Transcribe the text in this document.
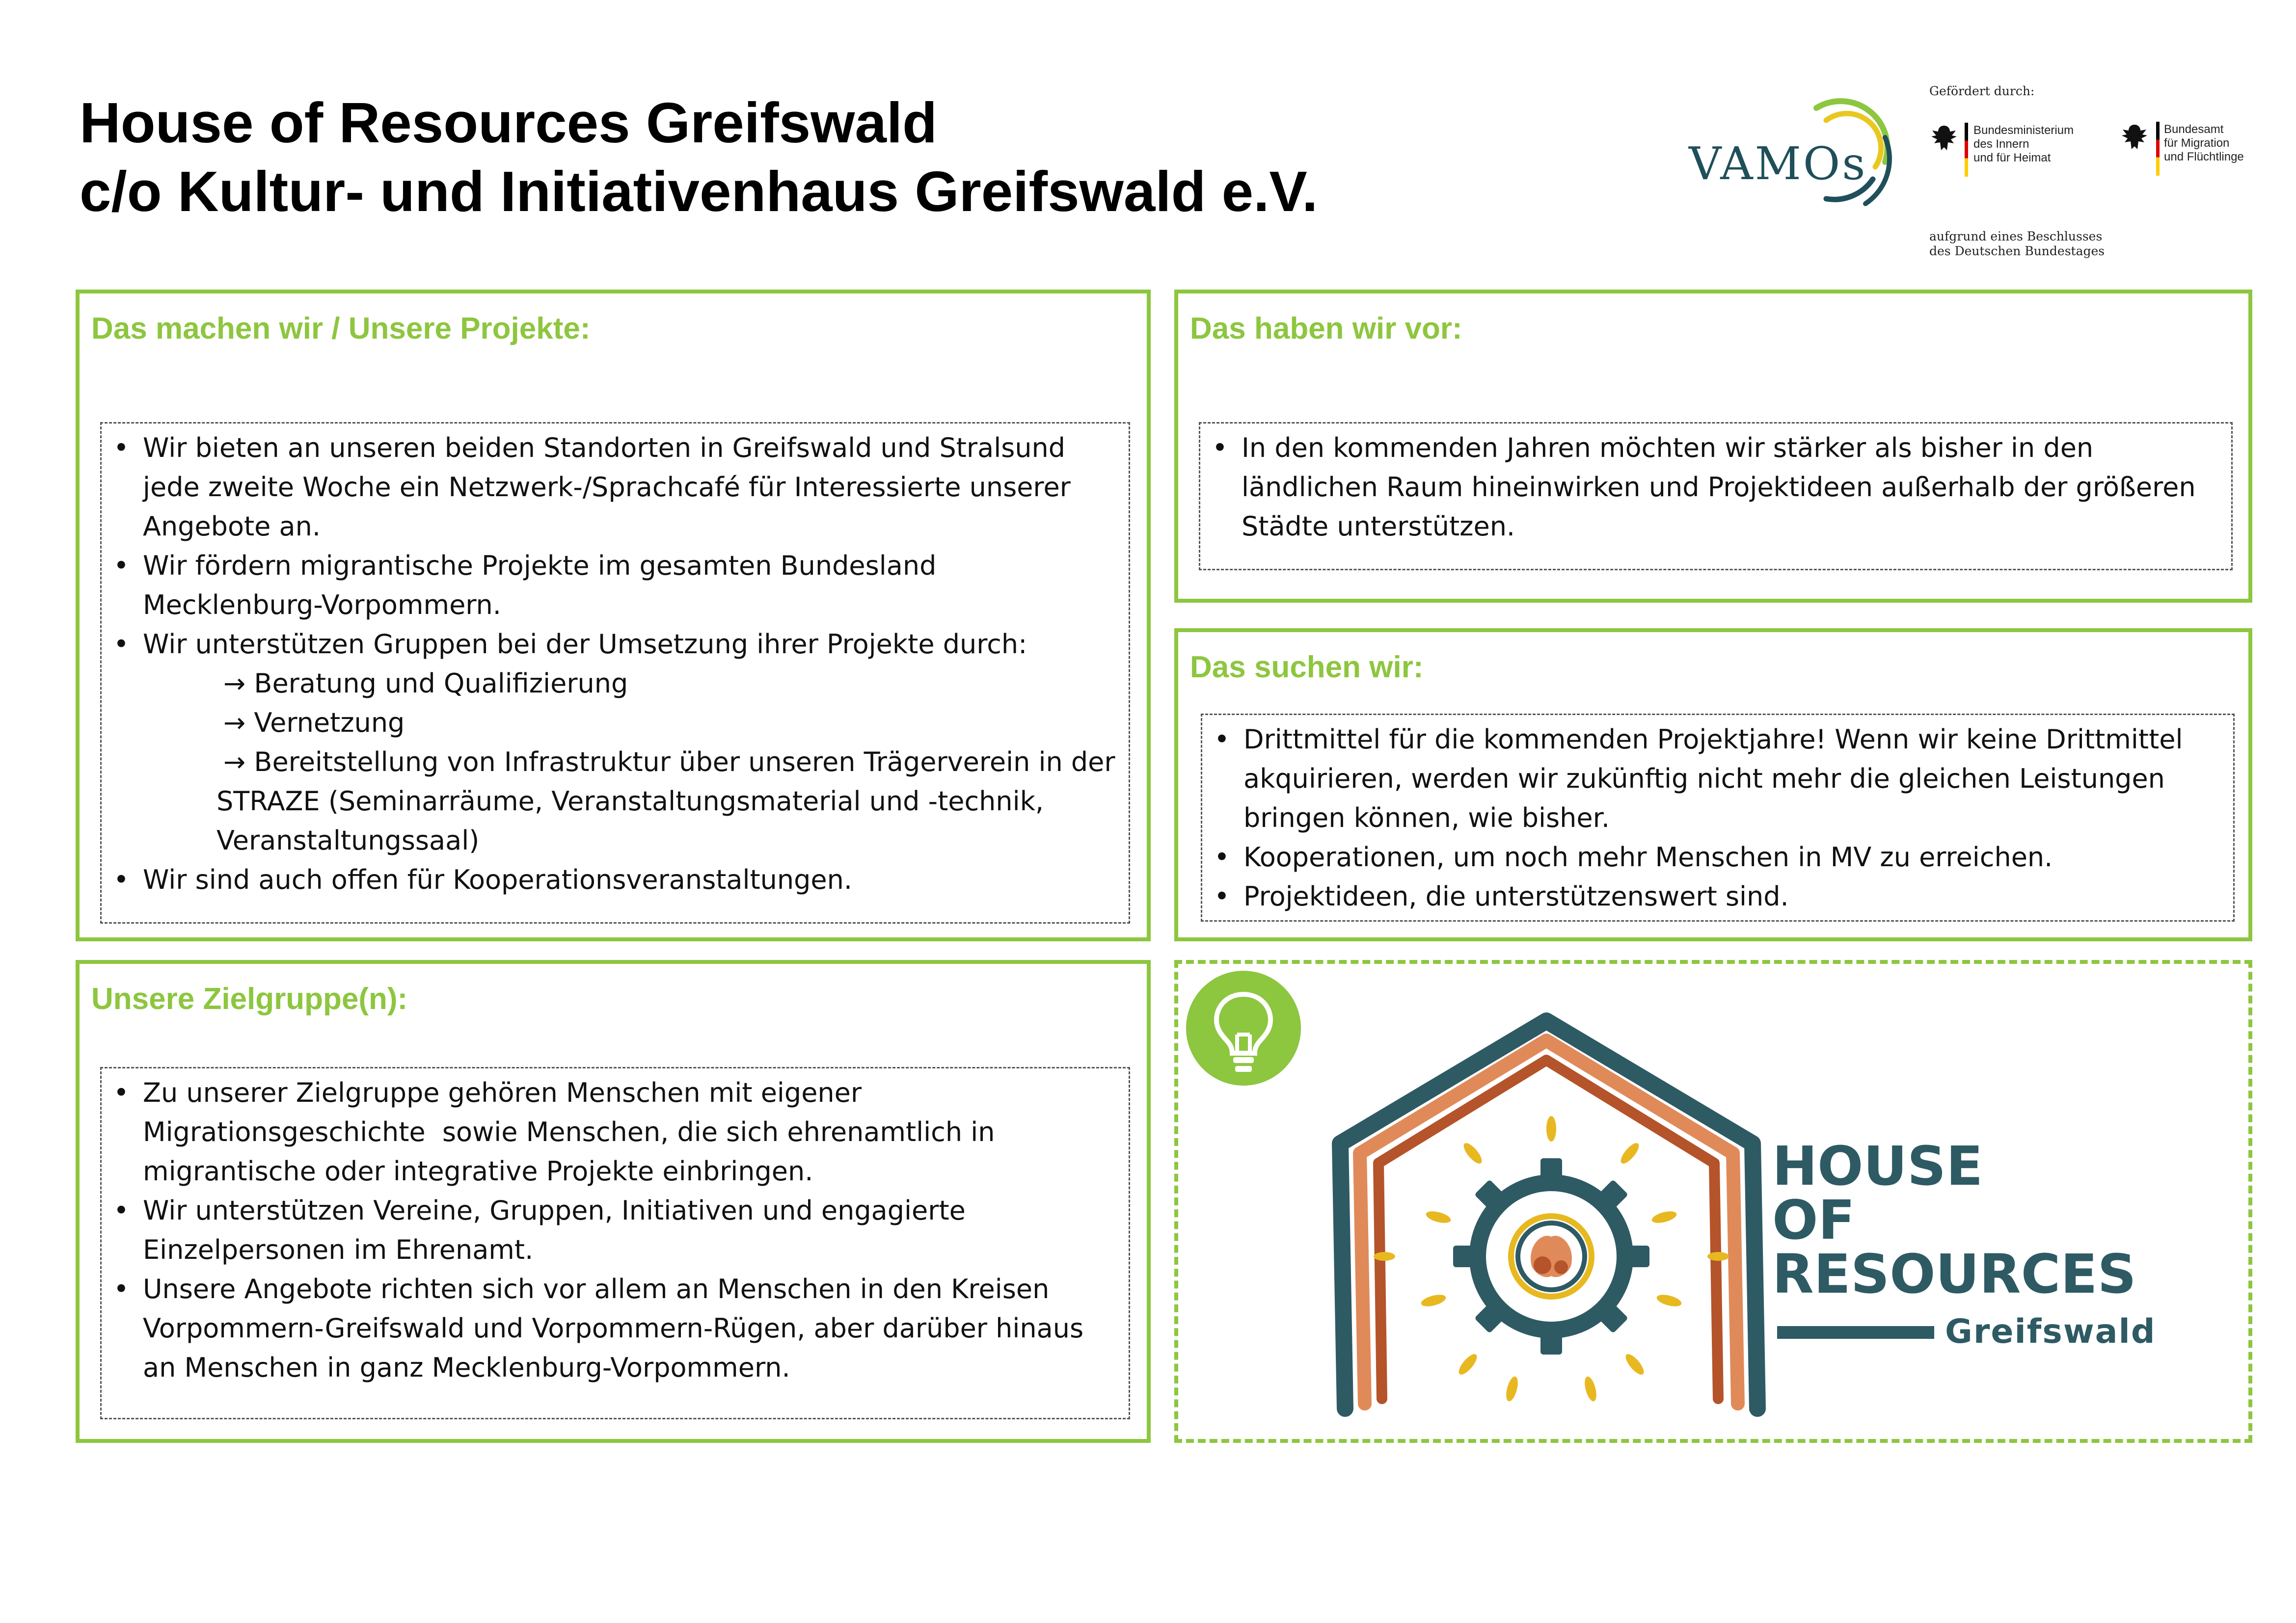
House of Resources Greifswald
c/o Kultur- und Initiativenhaus Greifswald e.V.	VAMOs
Gefördert durch:
Bundesministerium
des Innern
und für Heimat
Bundesamt
für Migration
und Flüchtlinge
aufgrund eines Beschlusses
des Deutschen Bundestages
Das machen wir / Unsere Projekte:
• Wir bieten an unseren beiden Standorten in Greifswald und Stralsund
jede zweite Woche ein Netzwerk-/Sprachcafé für Interessierte unserer
Angebote an.
• Wir fördern migrantische Projekte im gesamten Bundesland
Mecklenburg-Vorpommern.
• Wir unterstützen Gruppen bei der Umsetzung ihrer Projekte durch:
→ Beratung und Qualifizierung
→ Vernetzung
→ Bereitstellung von Infrastruktur über unseren Trägerverein in der
STRAZE (Seminarräume, Veranstaltungsmaterial und -technik,
Veranstaltungssaal)
• Wir sind auch offen für Kooperationsveranstaltungen.
Das haben wir vor:
• In den kommenden Jahren möchten wir stärker als bisher in den
ländlichen Raum hineinwirken und Projektideen außerhalb der größeren
Städte unterstützen.
Das suchen wir:
• Drittmittel für die kommenden Projektjahre! Wenn wir keine Drittmittel
akquirieren, werden wir zukünftig nicht mehr die gleichen Leistungen
bringen können, wie bisher.
• Kooperationen, um noch mehr Menschen in MV zu erreichen.
• Projektideen, die unterstützenswert sind.
Unsere Zielgruppe(n):
• Zu unserer Zielgruppe gehören Menschen mit eigener
Migrationsgeschichte  sowie Menschen, die sich ehrenamtlich in
migrantische oder integrative Projekte einbringen.
• Wir unterstützen Vereine, Gruppen, Initiativen und engagierte
Einzelpersonen im Ehrenamt.
• Unsere Angebote richten sich vor allem an Menschen in den Kreisen
Vorpommern-Greifswald und Vorpommern-Rügen, aber darüber hinaus
an Menschen in ganz Mecklenburg-Vorpommern.
HOUSE
OF
RESOURCES
Greifswald
